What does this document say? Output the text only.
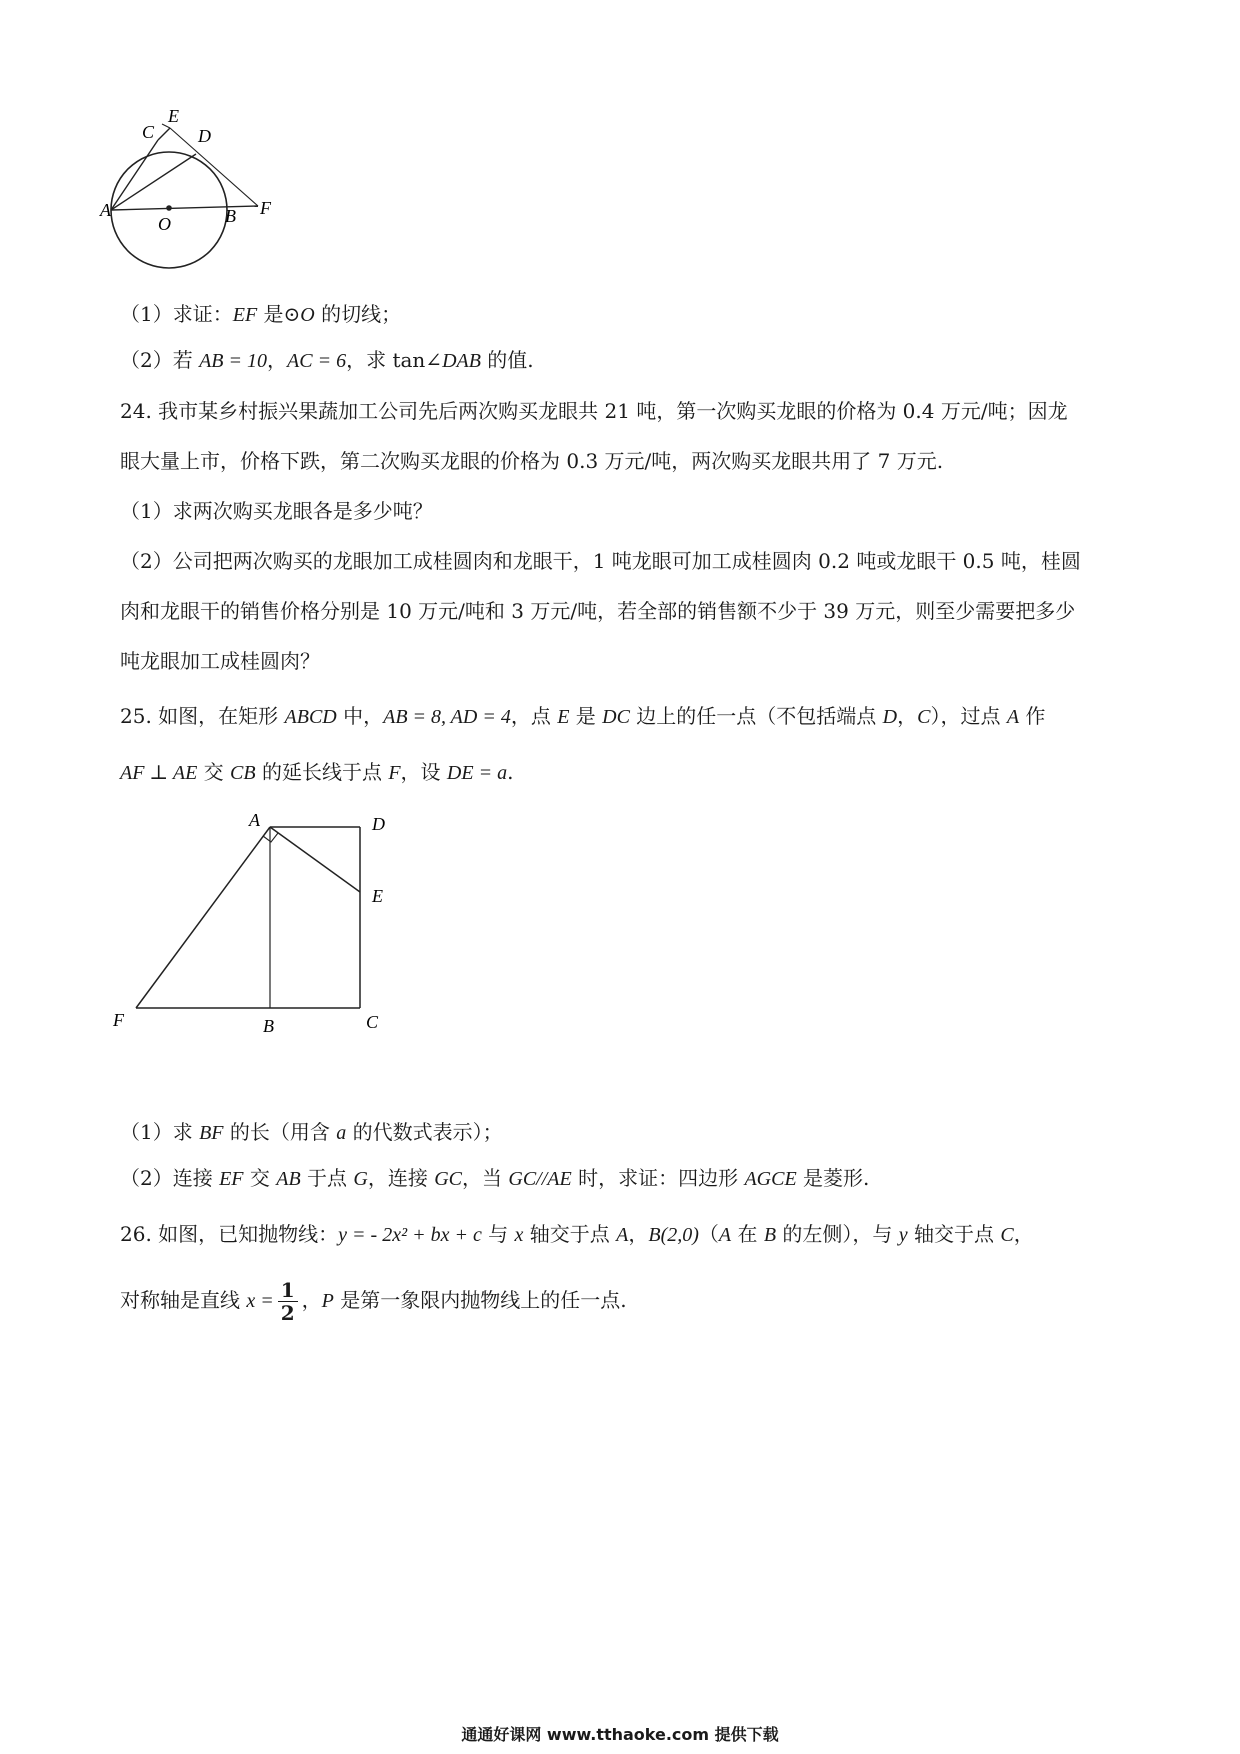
A
C
E
D
F
B
O
（1）求证：EF 是⊙O 的切线；
（2）若 AB = 10，AC = 6，求 tan∠DAB 的值.
24. 我市某乡村振兴果蔬加工公司先后两次购买龙眼共 21 吨，第一次购买龙眼的价格为 0.4 万元/吨；因龙
眼大量上市，价格下跌，第二次购买龙眼的价格为 0.3 万元/吨，两次购买龙眼共用了 7 万元.
（1）求两次购买龙眼各是多少吨？
（2）公司把两次购买的龙眼加工成桂圆肉和龙眼干，1 吨龙眼可加工成桂圆肉 0.2 吨或龙眼干 0.5 吨，桂圆
肉和龙眼干的销售价格分别是 10 万元/吨和 3 万元/吨，若全部的销售额不少于 39 万元，则至少需要把多少
吨龙眼加工成桂圆肉？
25. 如图，在矩形 ABCD 中，AB = 8, AD = 4，点 E 是 DC 边上的任一点（不包括端点 D，C），过点 A 作
AF ⊥ AE 交 CB 的延长线于点 F，设 DE = a.
A	D
E
F	B	C
（1）求 BF 的长（用含 a 的代数式表示）；
（2）连接 EF 交 AB 于点 G，连接 GC，当 GC//AE 时，求证：四边形 AGCE 是菱形.
26. 如图，已知抛物线：y = - 2x² + bx + c 与 x 轴交于点 A，B(2,0)（A 在 B 的左侧），与 y 轴交于点 C，
对称轴是直线 $x = \frac{1}{2}$ ，P 是第一象限内抛物线上的任一点.
通通好课网 www.tthaoke.com 提供下载
